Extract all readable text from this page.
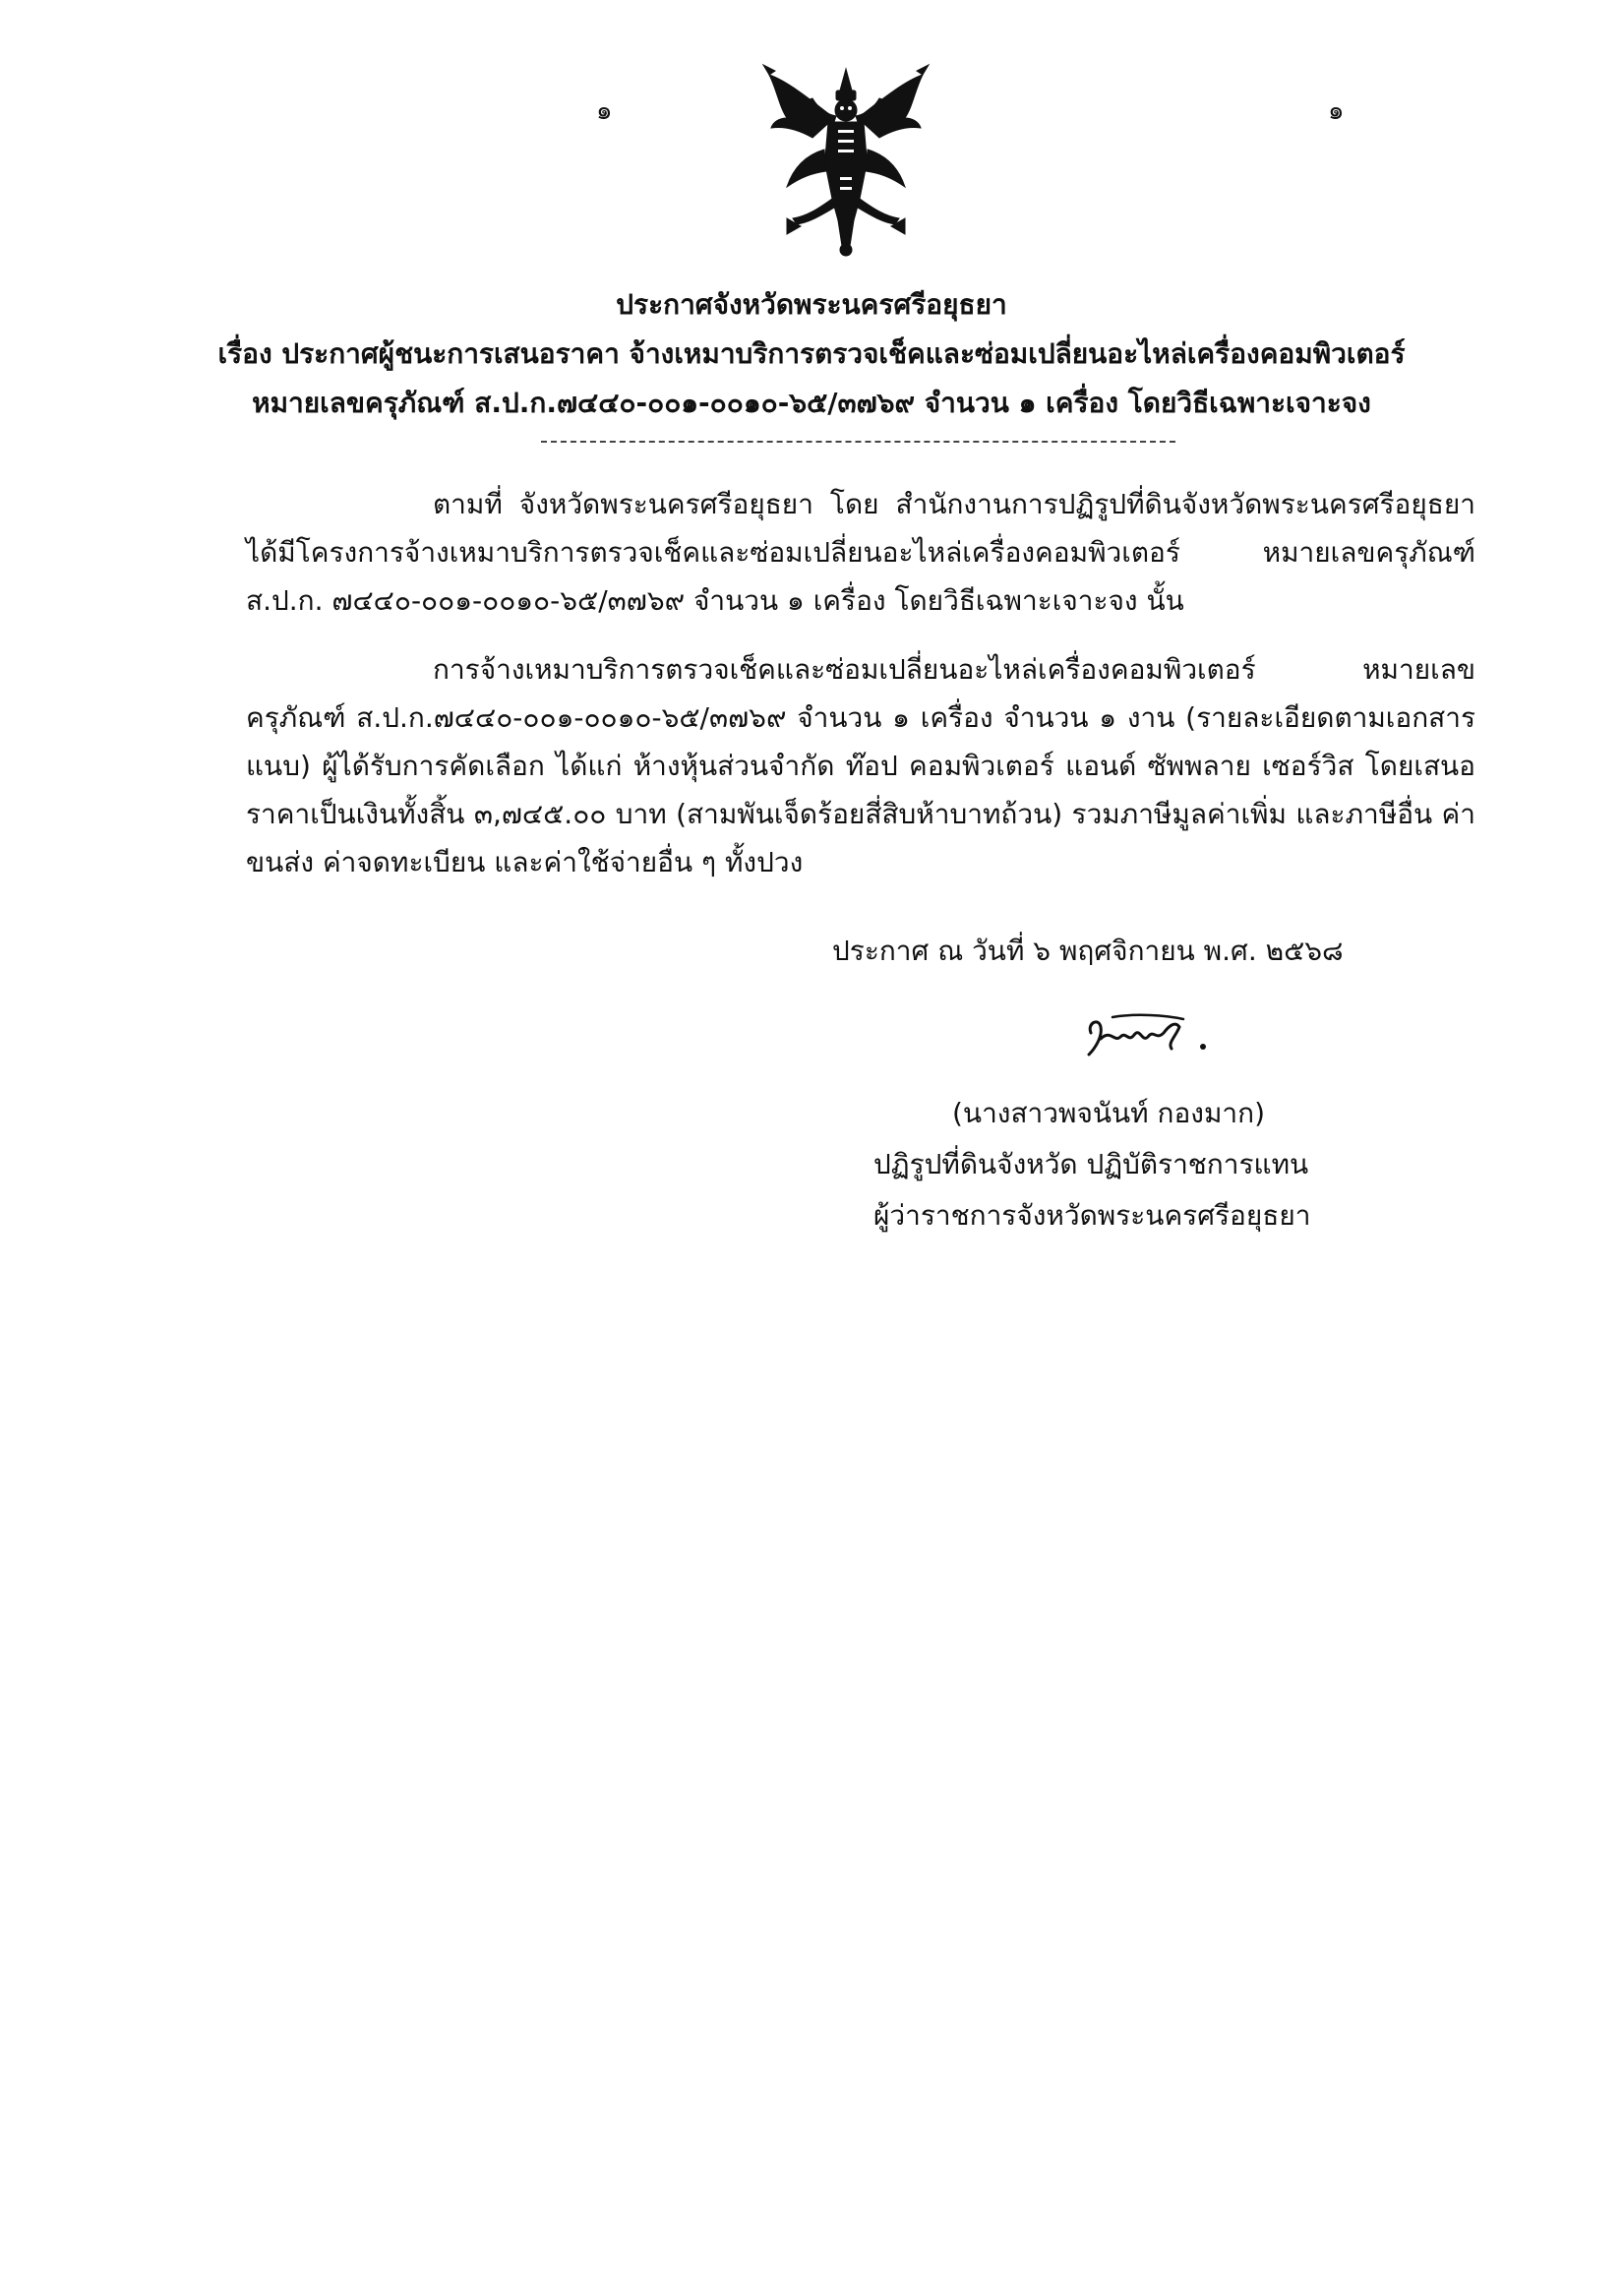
๑	๑
ประกาศจังหวัดพระนครศรีอยุธยา
เรื่อง ประกาศผู้ชนะการเสนอราคา จ้างเหมาบริการตรวจเช็คและซ่อมเปลี่ยนอะไหล่เครื่องคอมพิวเตอร์
หมายเลขครุภัณฑ์ ส.ป.ก.๗๔๔๐-๐๐๑-๐๐๑๐-๖๕/๓๗๖๙ จำนวน ๑ เครื่อง โดยวิธีเฉพาะเจาะจง
ตามที่ จังหวัดพระนครศรีอยุธยา โดย สำนักงานการปฏิรูปที่ดินจังหวัดพระนครศรีอยุธยา ได้มีโครงการจ้างเหมาบริการตรวจเช็คและซ่อมเปลี่ยนอะไหล่เครื่องคอมพิวเตอร์ หมายเลขครุภัณฑ์ ส.ป.ก. ๗๔๔๐-๐๐๑-๐๐๑๐-๖๕/๓๗๖๙ จำนวน ๑ เครื่อง โดยวิธีเฉพาะเจาะจง นั้น
การจ้างเหมาบริการตรวจเช็คและซ่อมเปลี่ยนอะไหล่เครื่องคอมพิวเตอร์ หมายเลขครุภัณฑ์ ส.ป.ก.๗๔๔๐-๐๐๑-๐๐๑๐-๖๕/๓๗๖๙ จำนวน ๑ เครื่อง จำนวน ๑ งาน (รายละเอียดตามเอกสารแนบ) ผู้ได้รับการคัดเลือก ได้แก่ ห้างหุ้นส่วนจำกัด ท๊อป คอมพิวเตอร์ แอนด์ ซัพพลาย เซอร์วิส โดยเสนอราคาเป็นเงินทั้งสิ้น ๓,๗๔๕.๐๐ บาท (สามพันเจ็ดร้อยสี่สิบห้าบาทถ้วน) รวมภาษีมูลค่าเพิ่ม และภาษีอื่น ค่าขนส่ง ค่าจดทะเบียน และค่าใช้จ่ายอื่น ๆ ทั้งปวง
ประกาศ ณ วันที่ ๖ พฤศจิกายน พ.ศ. ๒๕๖๘
(นางสาวพจนันท์ กองมาก)
ปฏิรูปที่ดินจังหวัด ปฏิบัติราชการแทน
ผู้ว่าราชการจังหวัดพระนครศรีอยุธยา
